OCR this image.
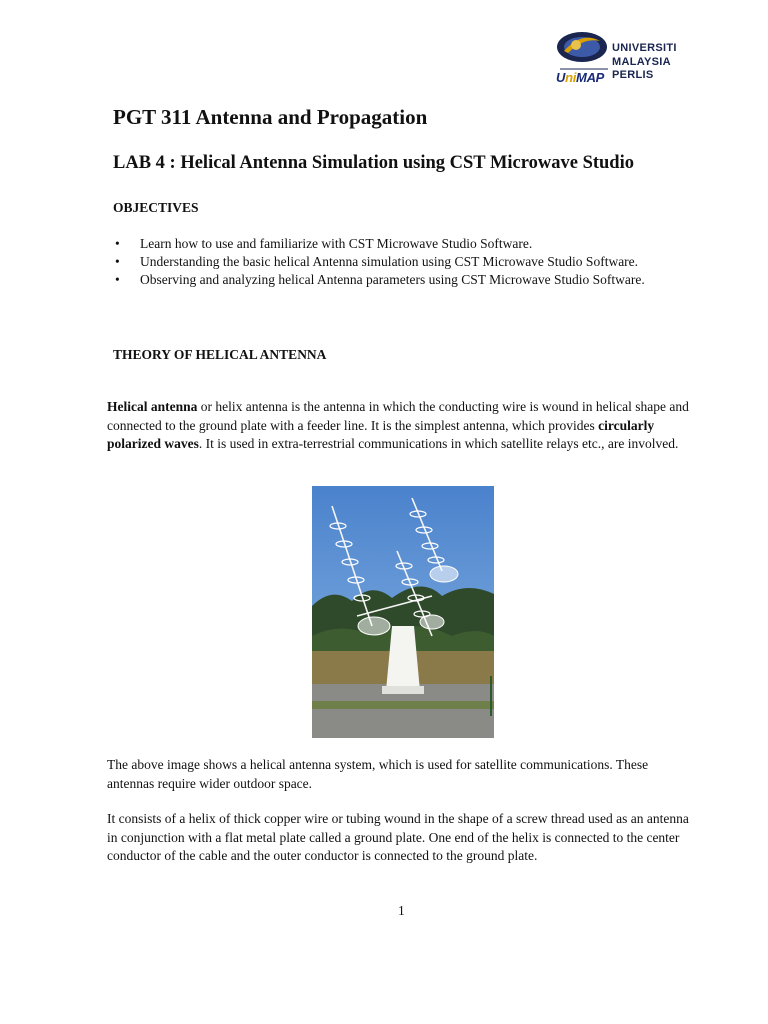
UNIVERSITI
MALAYSIA
PERLIS
UniMAP
PGT 311 Antenna and Propagation
LAB 4 : Helical Antenna Simulation using CST Microwave Studio

OBJECTIVES

• Learn how to use and familiarize with CST Microwave Studio Software.
• Understanding the basic helical Antenna simulation using CST Microwave Studio Software.
• Observing and analyzing helical Antenna parameters using CST Microwave Studio Software.

THEORY OF HELICAL ANTENNA

Helical antenna or helix antenna is the antenna in which the conducting wire is wound in helical shape and connected to the ground plate with a feeder line. It is the simplest antenna, which provides circularly polarized waves. It is used in extra-terrestrial communications in which satellite relays etc., are involved.

The above image shows a helical antenna system, which is used for satellite communications. These antennas require wider outdoor space.

It consists of a helix of thick copper wire or tubing wound in the shape of a screw thread used as an antenna in conjunction with a flat metal plate called a ground plate. One end of the helix is connected to the center conductor of the cable and the outer conductor is connected to the ground plate.

1
